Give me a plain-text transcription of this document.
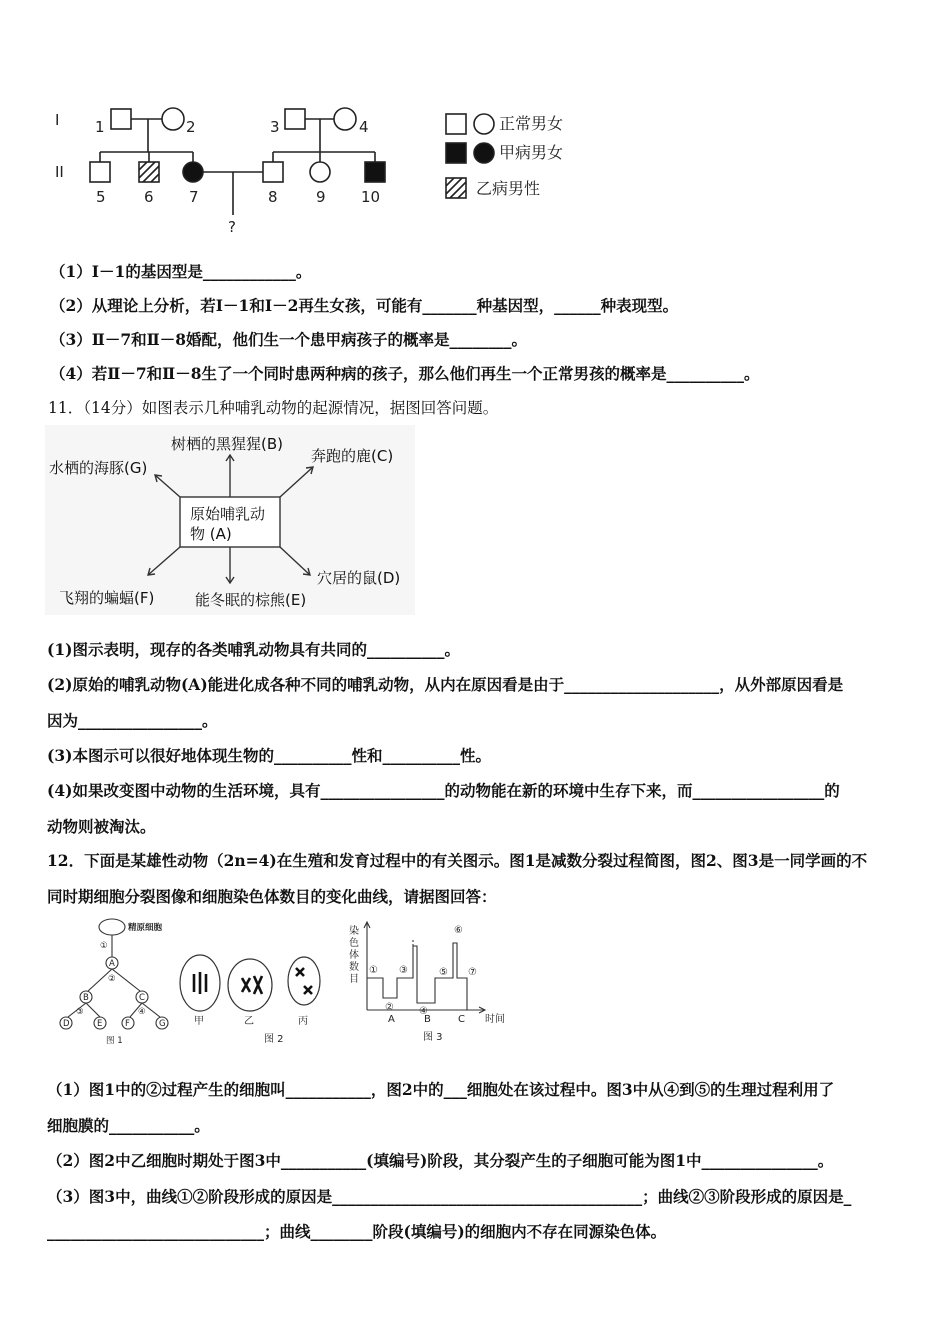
I
II
1	2	3	4
5	6 7	8	9 10
?
正常男女
甲病男女
乙病男性
（1）Ⅰ－1的基因型是____________。
（2）从理论上分析，若Ⅰ－1和Ⅰ－2再生女孩，可能有_______种基因型，______种表现型。
（3）Ⅱ－7和Ⅱ－8婚配，他们生一个患甲病孩子的概率是________。
（4）若Ⅱ－7和Ⅱ－8生了一个同时患两种病的孩子，那么他们再生一个正常男孩的概率是__________。
11．（14分）如图表示几种哺乳动物的起源情况，据图回答问题。
原始哺乳动
物 (A)
树栖的黑猩猩(B)
奔跑的鹿(C)
水栖的海豚(G)
穴居的鼠(D)
能冬眠的棕熊(E)
飞翔的蝙蝠(F)
(1)图示表明，现存的各类哺乳动物具有共同的__________。
(2)原始的哺乳动物(A)能进化成各种不同的哺乳动物，从内在原因看是由于____________________，从外部原因看是
因为________________。
(3)本图示可以很好地体现生物的__________性和__________性。
(4)如果改变图中动物的生活环境，具有________________的动物能在新的环境中生存下来，而_________________的
动物则被淘汰。
12．下面是某雄性动物（2n=4)在生殖和发育过程中的有关图示。图1是减数分裂过程简图，图2、图3是一同学画的不
同时期细胞分裂图像和细胞染色体数目的变化曲线，请据图回答：
精原细胞
①
②
③	④
A
B	C
D	E	F	G
图 1
甲	乙	丙
图 2
染
色
体
数
目
①
②
③
④
⑤
⑥
⑦
A	B	C 时间
图 3
（1）图1中的②过程产生的细胞叫___________，图2中的___细胞处在该过程中。图3中从④到⑤的生理过程利用了
细胞膜的___________。
（2）图2中乙细胞时期处于图3中___________(填编号)阶段，其分裂产生的子细胞可能为图1中_______________。
（3）图3中，曲线①②阶段形成的原因是________________________________________；曲线②③阶段形成的原因是_
____________________________；曲线________阶段(填编号)的细胞内不存在同源染色体。
